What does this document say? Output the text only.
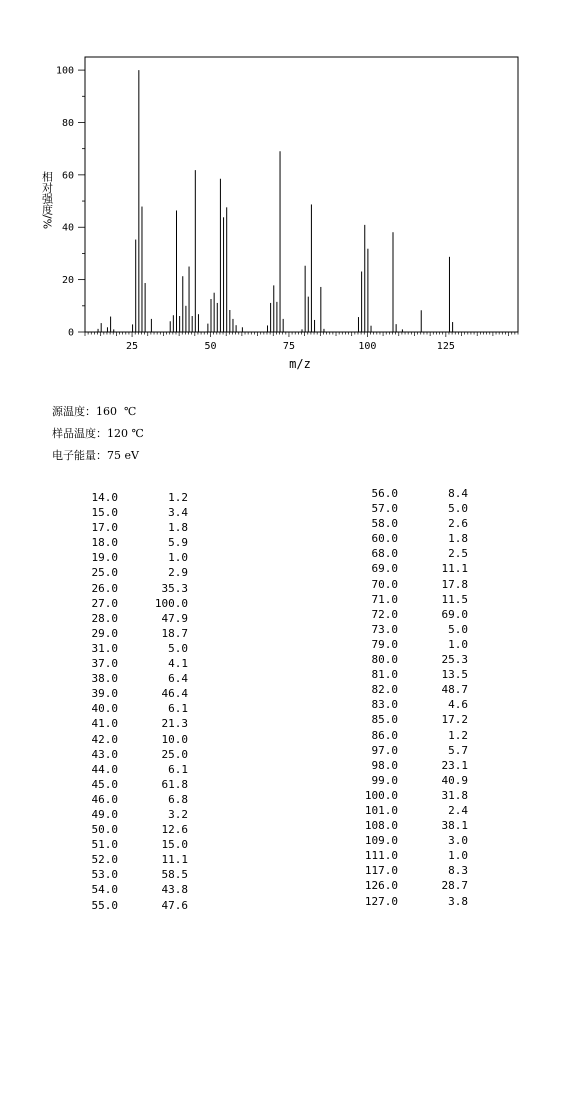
25	50	75	100	125
0
20
40
60
80
100
相对强度/%
m/z

源温度：160  ℃

样品温度：120 ℃

电子能量：75 eV

14.0	1.2
15.0	3.4
17.0	1.8
18.0	5.9
19.0	1.0
25.0	2.9
26.0	35.3
27.0	100.0
28.0	47.9
29.0	18.7
31.0	5.0
37.0	4.1
38.0	6.4
39.0	46.4
40.0	6.1
41.0	21.3
42.0	10.0
43.0	25.0
44.0	6.1
45.0	61.8
46.0	6.8
49.0	3.2
50.0	12.6
51.0	15.0
52.0	11.1
53.0	58.5
54.0	43.8
55.0	47.6
56.0	8.4
57.0	5.0
58.0	2.6
60.0	1.8
68.0	2.5
69.0	11.1
70.0	17.8
71.0	11.5
72.0	69.0
73.0	5.0
79.0	1.0
80.0	25.3
81.0	13.5
82.0	48.7
83.0	4.6
85.0	17.2
86.0	1.2
97.0	5.7
98.0	23.1
99.0	40.9
100.0	31.8
101.0	2.4
108.0	38.1
109.0	3.0
111.0	1.0
117.0	8.3
126.0	28.7
127.0	3.8
